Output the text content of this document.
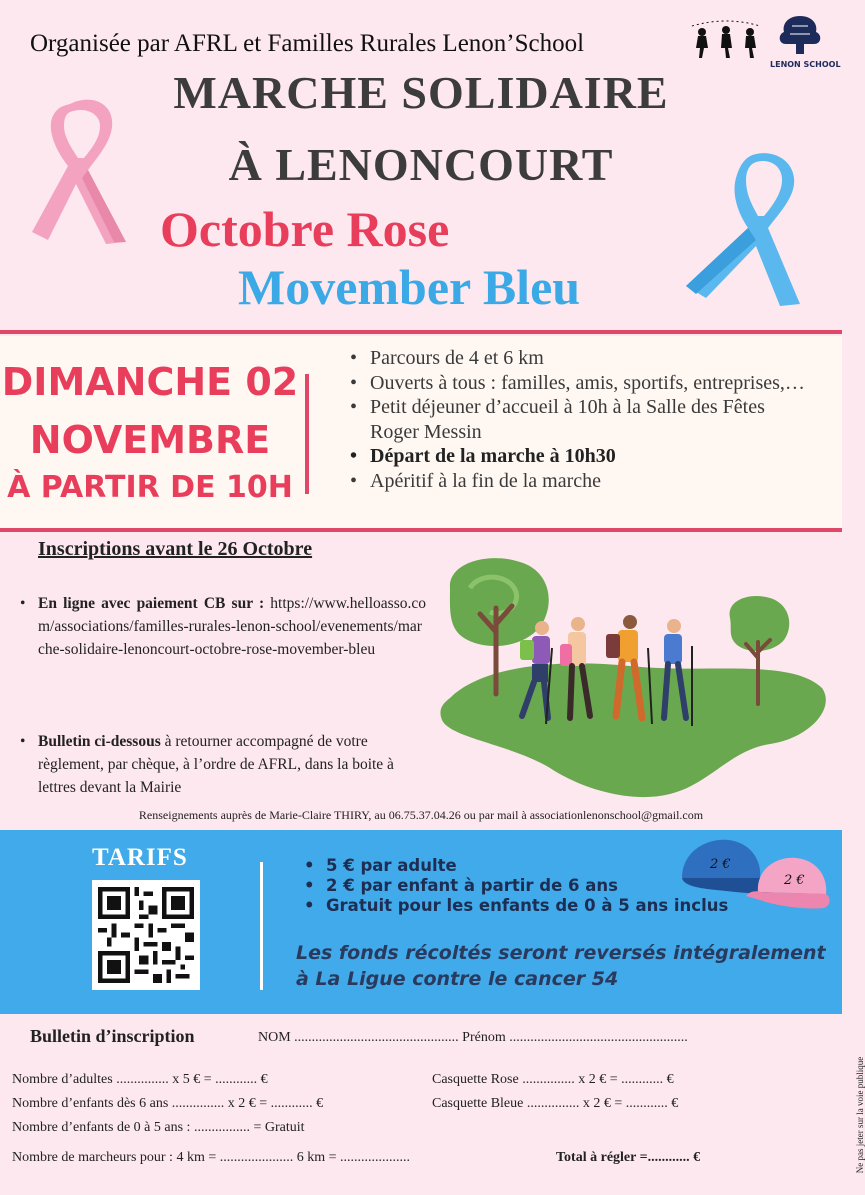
Organisée par AFRL et Familles Rurales Lenon’School
LENON SCHOOL
MARCHE SOLIDAIRE
À LENONCOURT
Octobre Rose
Movember Bleu
DIMANCHE 02
NOVEMBRE
À PARTIR DE 10H
• Parcours de 4 et 6 km
• Ouverts à tous : familles, amis, sportifs, entreprises,…
• Petit déjeuner d’accueil à 10h à la Salle des Fêtes Roger Messin
• Départ de la marche à 10h30
• Apéritif à la fin de la marche
Inscriptions avant le 26 Octobre
• En ligne avec paiement CB sur : https://www.helloasso.com/associations/familles-rurales-lenon-school/evenements/marche-solidaire-lenoncourt-octobre-rose-movember-bleu
• Bulletin ci-dessous à retourner accompagné de votre règlement, par chèque, à l’ordre de AFRL, dans la boite à lettres devant la Mairie
Renseignements auprès de Marie-Claire THIRY, au 06.75.37.04.26 ou par mail à associationlenonschool@gmail.com
TARIFS
•	5 € par adulte
• 2 € par enfant à partir de 6 ans
• Gratuit pour les enfants de 0 à 5 ans inclus
Les fonds récoltés seront reversés intégralement à La Ligue contre le cancer 54
2 €
2 €
Bulletin d’inscription	NOM ............................................... Prénom ...................................................
Nombre d’adultes ............... x 5 € = ............ €
Nombre d’enfants dès 6 ans ............... x 2 € = ............ €
Nombre d’enfants de 0 à 5 ans : ................ = Gratuit
Nombre de marcheurs pour : 4 km = ..................... 6 km = ....................
Casquette Rose ............... x 2 € = ............ €
Casquette Bleue ............... x 2 € = ............ €
Total à régler =............ €	Ne pas jeter sur la voie publique
